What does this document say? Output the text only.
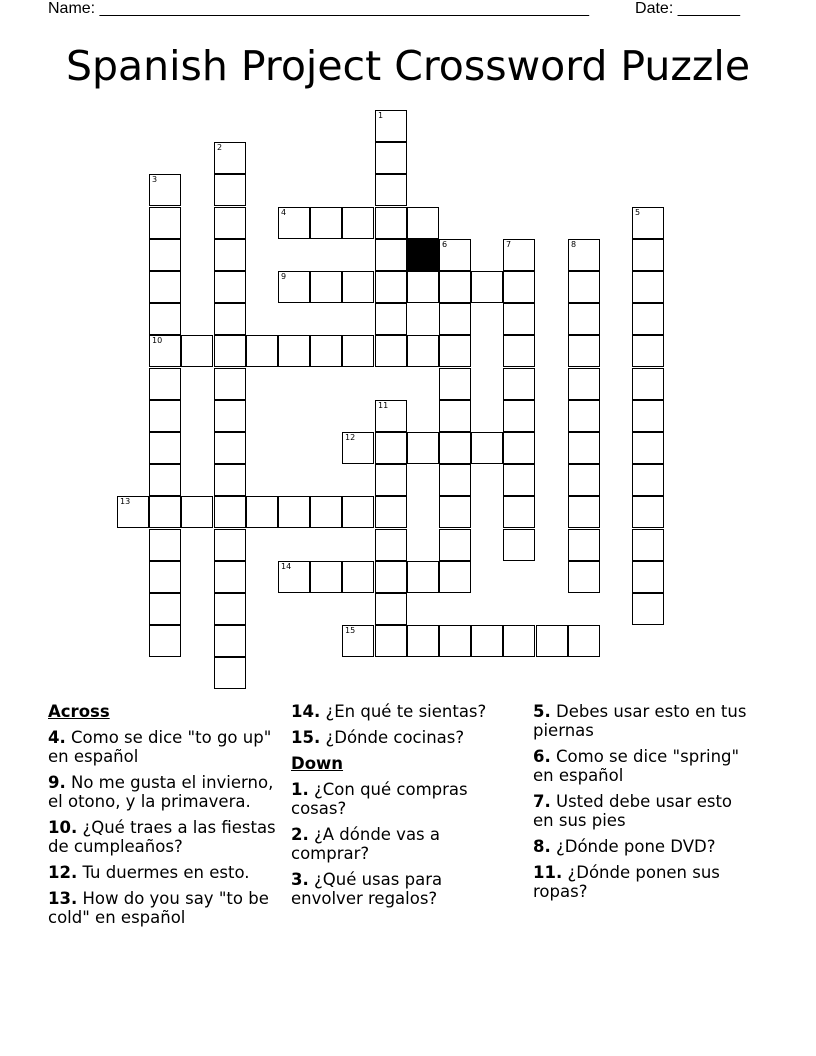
Name: _______________________________________________________	Date: _______
Spanish Project Crossword Puzzle
1
2
3
10
4	5
6	7	8
9
11
12
13
14
15
Across
4. Como se dice "to go up" en español
9. No me gusta el invierno, el otono, y la primavera.
10. ¿Qué traes a las fiestas de cumpleaños?
12. Tu duermes en esto.
13. How do you say "to be cold" en español
14. ¿En qué te sientas?
15. ¿Dónde cocinas?
Down
1. ¿Con qué compras cosas?
2. ¿A dónde vas a comprar?
3. ¿Qué usas para envolver regalos?
5. Debes usar esto en tus piernas
6. Como se dice "spring" en español
7. Usted debe usar esto en sus pies
8. ¿Dónde pone DVD?
11. ¿Dónde ponen sus ropas?
